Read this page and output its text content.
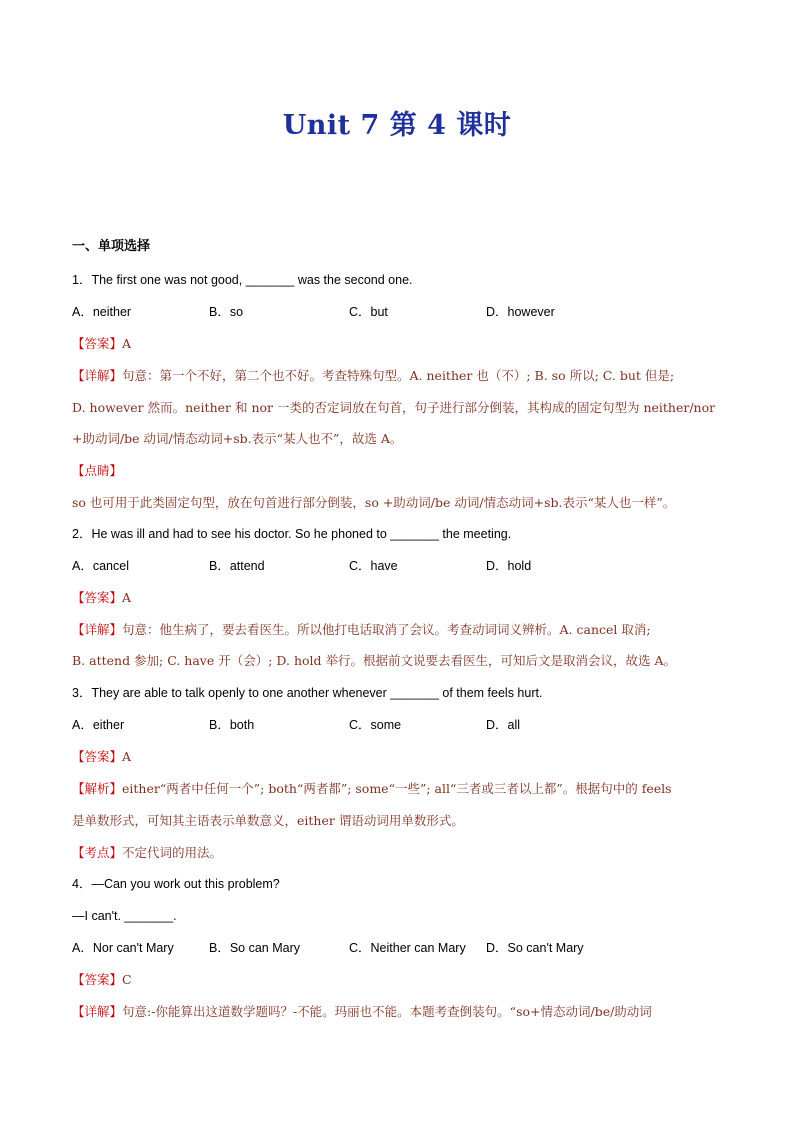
Unit 7 第 4 课时
一、单项选择
1．The first one was not good, _______ was the second one.
A．neither	B．so	C．but	D．however
【答案】A
【详解】句意：第一个不好，第二个也不好。考查特殊句型。A. neither 也（不）; B. so 所以; C. but 但是;
D. however 然而。neither 和 nor 一类的否定词放在句首，句子进行部分倒装，其构成的固定句型为 neither/nor
+助动词/be 动词/情态动词+sb.表示“某人也不”，故选 A。
【点睛】
so 也可用于此类固定句型，放在句首进行部分倒装，so +助动词/be 动词/情态动词+sb.表示“某人也一样”。
2．He was ill and had to see his doctor. So he phoned to _______ the meeting.
A．cancel	B．attend	C．have	D．hold
【答案】A
【详解】句意：他生病了，要去看医生。所以他打电话取消了会议。考查动词词义辨析。A. cancel 取消;
B. attend 参加; C. have 开（会）; D. hold 举行。根据前文说要去看医生，可知后文是取消会议，故选 A。
3．They are able to talk openly to one another whenever _______ of them feels hurt.
A．either	B．both	C．some	D．all
【答案】A
【解析】either“两者中任何一个”; both“两者都”; some“一些”; all“三者或三者以上都”。根据句中的 feels
是单数形式，可知其主语表示单数意义，either 谓语动词用单数形式。
【考点】不定代词的用法。
4．—Can you work out this problem?
—I can't. _______.
A．Nor can't Mary	B．So can Mary	C．Neither can Mary D．So can't Mary
【答案】C
【详解】句意:-你能算出这道数学题吗？-不能。玛丽也不能。本题考查倒装句。“so+情态动词/be/助动词
